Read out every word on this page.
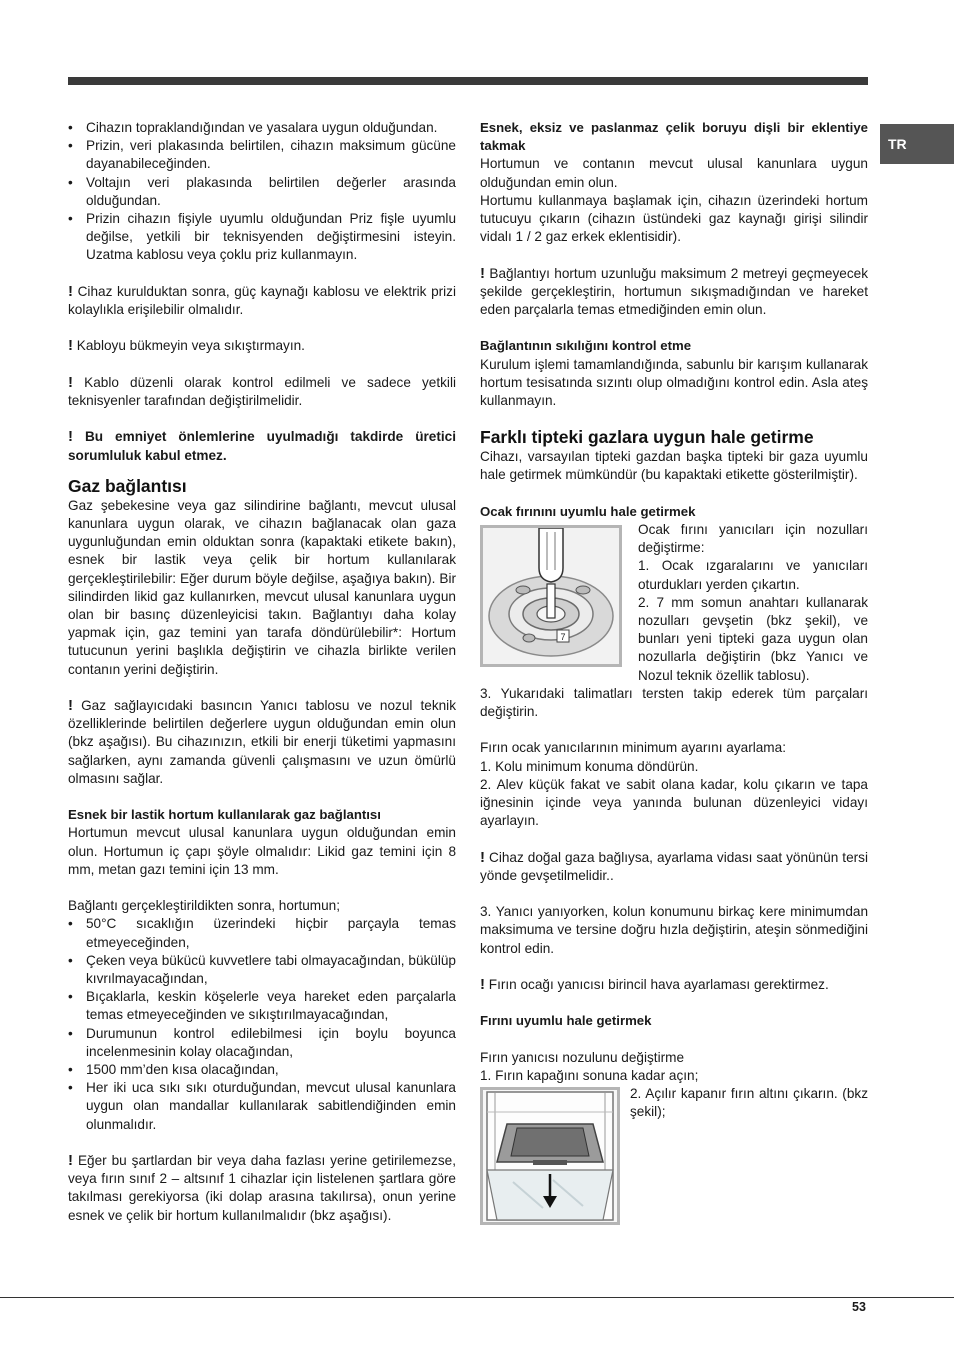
TR
• Cihazın topraklandığından ve yasalara uygun olduğundan.
• Prizin, veri plakasında belirtilen, cihazın maksimum gücüne dayanabileceğinden.
• Voltajın veri plakasında belirtilen değerler arasında olduğundan.
• Prizin cihazın fişiyle uyumlu olduğundan Priz fişle uyumlu değilse, yetkili bir teknisyenden değiştirmesini isteyin. Uzatma kablosu veya çoklu priz kullanmayın.

! Cihaz kurulduktan sonra, güç kaynağı kablosu ve elektrik prizi kolaylıkla erişilebilir olmalıdır.

! Kabloyu bükmeyin veya sıkıştırmayın.

! Kablo düzenli olarak kontrol edilmeli ve sadece yetkili teknisyenler tarafından değiştirilmelidir.

! Bu emniyet önlemlerine uyulmadığı takdirde üretici sorumluluk kabul etmez.

Gaz bağlantısı

Gaz şebekesine veya gaz silindirine bağlantı, mevcut ulusal kanunlara uygun olarak, ve cihazın bağlanacak olan gaza uygunluğundan emin olduktan sonra (kapaktaki etikete bakın), esnek bir lastik veya çelik bir hortum kullanılarak gerçekleştirilebilir: Eğer durum böyle değilse, aşağıya bakın). Bir silindirden likid gaz kullanırken, mevcut ulusal kanunlara uygun olan bir basınç düzenleyicisi takın. Bağlantıyı daha kolay yapmak için, gaz temini yan tarafa döndürülebilir*: Hortum tutucunun yerini başlıkla değiştirin ve cihazla birlikte verilen contanın yerini değiştirin.

! Gaz sağlayıcıdaki basıncın Yanıcı tablosu ve nozul teknik özelliklerinde belirtilen değerlere uygun olduğundan emin olun (bkz aşağısı). Bu cihazınızın, etkili bir enerji tüketimi yapmasını sağlarken, aynı zamanda güvenli çalışmasını ve uzun ömürlü olmasını sağlar.

Esnek bir lastik hortum kullanılarak gaz bağlantısı

Hortumun mevcut ulusal kanunlara uygun olduğundan emin olun. Hortumun iç çapı şöyle olmalıdır: Likid gaz temini için 8 mm, metan gazı temini için 13 mm.

Bağlantı gerçekleştirildikten sonra, hortumun;

• 50°C sıcaklığın üzerindeki hiçbir parçayla temas etmeyeceğinden,
• Çeken veya bükücü kuvvetlere tabi olmayacağından, bükülüp kıvrılmayacağından,
• Bıçaklarla, keskin köşelerle veya hareket eden parçalarla temas etmeyeceğinden ve sıkıştırılmayacağından,
• Durumunun kontrol edilebilmesi için boylu boyunca incelenmesinin kolay olacağından,
• 1500 mm’den kısa olacağından,
• Her iki uca sıkı sıkı oturduğundan, mevcut ulusal kanunlara uygun olan mandallar kullanılarak sabitlendiğinden emin olunmalıdır.

! Eğer bu şartlardan bir veya daha fazlası yerine getirilemezse, veya fırın sınıf 2 – altsınıf 1 cihazlar için listelenen şartlara göre takılması gerekiyorsa (iki dolap arasına takılırsa), onun yerine esnek ve çelik bir hortum kullanılmalıdır (bkz aşağısı).

Esnek, eksiz ve paslanmaz çelik boruyu dişli bir eklentiye takmak

Hortumun ve contanın mevcut ulusal kanunlara uygun olduğundan emin olun.

Hortumu kullanmaya başlamak için, cihazın üzerindeki hortum tutucuyu çıkarın (cihazın üstündeki gaz kaynağı girişi silindir vidalı 1 / 2 gaz erkek eklentisidir).

! Bağlantıyı hortum uzunluğu maksimum 2 metreyi geçmeyecek şekilde gerçekleştirin, hortumun sıkışmadığından ve hareket eden parçalarla temas etmediğinden emin olun.

Bağlantının sıkılığını kontrol etme

Kurulum işlemi tamamlandığında, sabunlu bir karışım kullanarak hortum tesisatında sızıntı olup olmadığını kontrol edin. Asla ateş kullanmayın.

Farklı tipteki gazlara uygun hale getirme

Cihazı, varsayılan tipteki gazdan başka tipteki bir gaza uyumlu hale getirmek mümkündür (bu kapaktaki etikette gösterilmiştir).

Ocak fırınını uyumlu hale getirmek

7

Ocak fırını yanıcıları için nozulları değiştirme:
1. Ocak ızgaralarını ve yanıcıları oturdukları yerden çıkartın.
2. 7 mm somun anahtarı kullanarak nozulları gevşetin (bkz şekil), ve bunları yeni tipteki gaza uygun olan nozullarla değiştirin (bkz Yanıcı ve Nozul teknik özellik tablosu).

3. Yukarıdaki talimatları tersten takip ederek tüm parçaları değiştirin.

Fırın ocak yanıcılarının minimum ayarını ayarlama:

1. Kolu minimum konuma döndürün.

2. Alev küçük fakat ve sabit olana kadar, kolu çıkarın ve tapa iğnesinin içinde veya yanında bulunan düzenleyici vidayı ayarlayın.

! Cihaz doğal gaza bağlıysa, ayarlama vidası saat yönünün tersi yönde gevşetilmelidir..

3. Yanıcı yanıyorken, kolun konumunu birkaç kere minimumdan maksimuma ve tersine doğru hızla değiştirin, ateşin sönmediğini kontrol edin.

! Fırın ocağı yanıcısı birincil hava ayarlaması gerektirmez.

Fırını uyumlu hale getirmek

Fırın yanıcısı nozulunu değiştirme

1. Fırın kapağını sonuna kadar açın;

2. Açılır kapanır fırın altını çıkarın. (bkz şekil);

53
